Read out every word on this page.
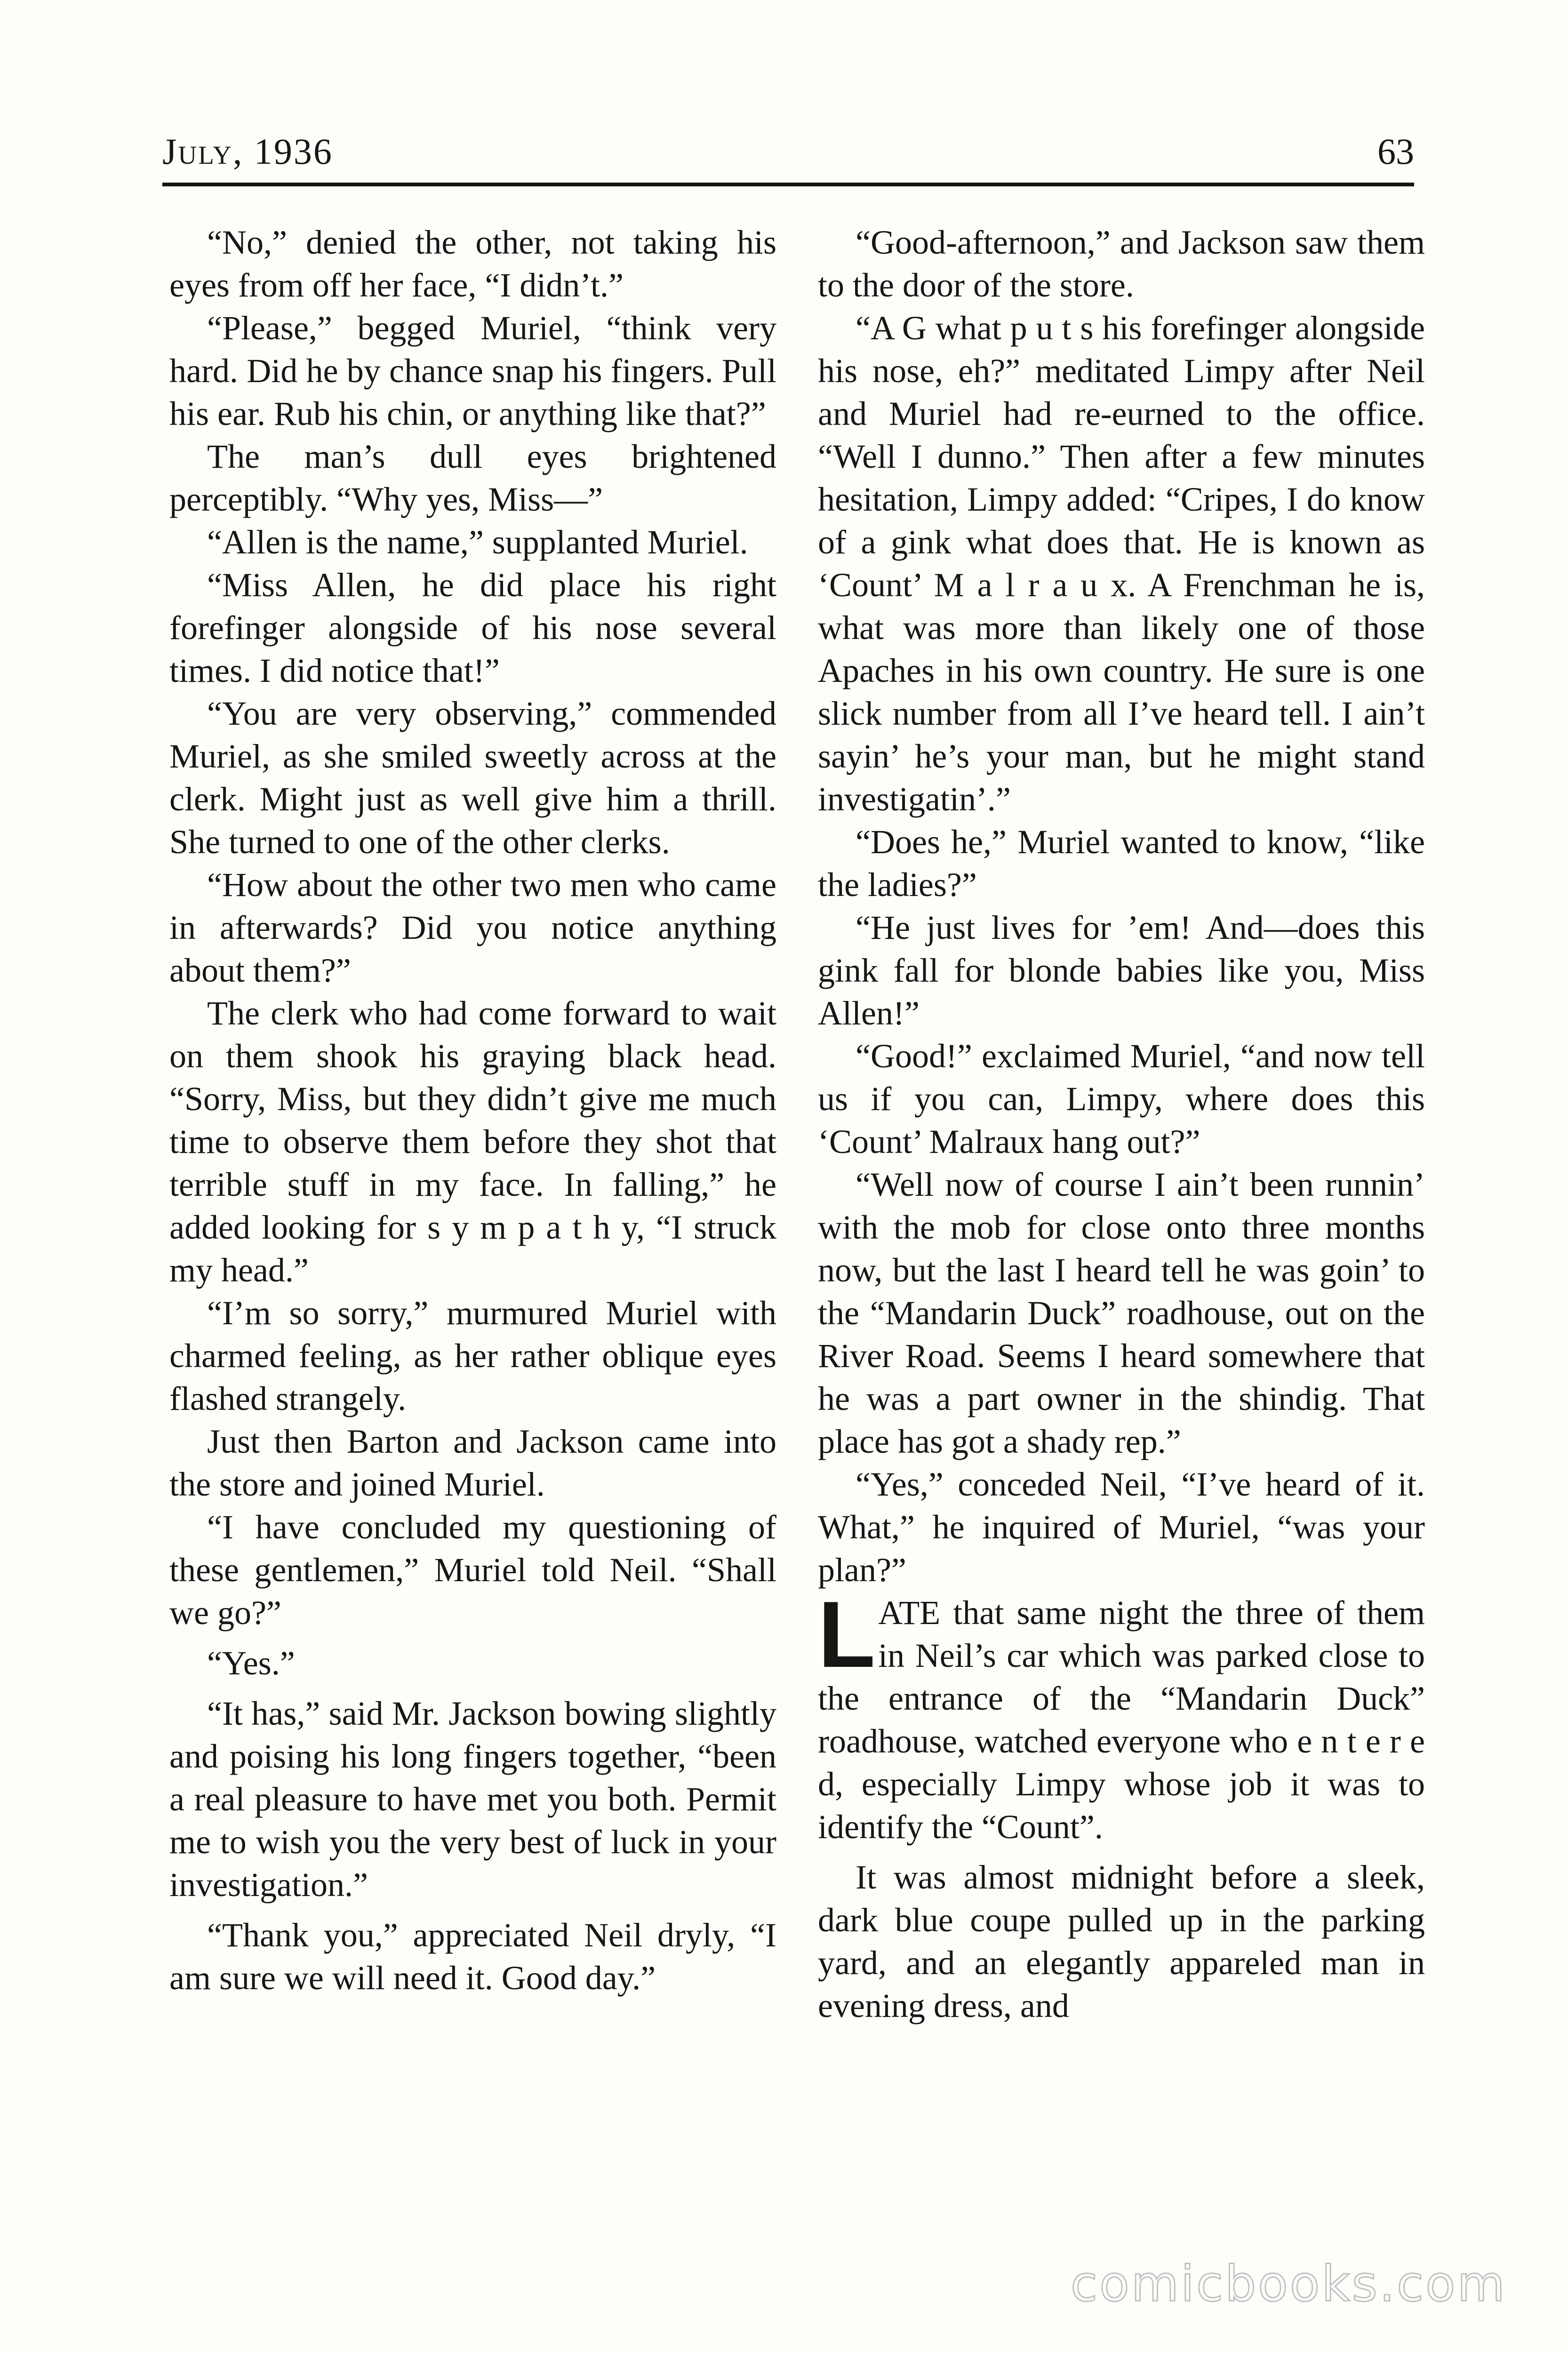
July, 1936	63

“No,” denied the other, not taking his eyes from off her face, “I didn’t.”

“Please,” begged Muriel, “think very hard. Did he by chance snap his fingers. Pull his ear. Rub his chin, or anything like that?”

The man’s dull eyes brightened perceptibly. “Why yes, Miss—”

“Allen is the name,” supplanted Muriel.

“Miss Allen, he did place his right forefinger alongside of his nose several times. I did notice that!”

“You are very observing,” commended Muriel, as she smiled sweetly across at the clerk. Might just as well give him a thrill. She turned to one of the other clerks.

“How about the other two men who came in afterwards? Did you notice anything about them?”

The clerk who had come forward to wait on them shook his graying black head. “Sorry, Miss, but they didn’t give me much time to observe them before they shot that terrible stuff in my face. In falling,” he added looking for s y m p a t h y, “I struck my head.”

“I’m so sorry,” murmured Muriel with charmed feeling, as her rather oblique eyes flashed strangely.

Just then Barton and Jackson came into the store and joined Muriel.

“I have concluded my questioning of these gentlemen,” Muriel told Neil. “Shall we go?”

“Yes.”

“It has,” said Mr. Jackson bowing slightly and poising his long fingers together, “been a real pleasure to have met you both. Permit me to wish you the very best of luck in your investigation.”

“Thank you,” appreciated Neil dryly, “I am sure we will need it. Good day.”

“Good-afternoon,” and Jackson saw them to the door of the store.

“A G what p u t s his forefinger alongside his nose, eh?” meditated Limpy after Neil and Muriel had re-eurned to the office. “Well I dunno.” Then after a few minutes hesitation, Limpy added: “Cripes, I do know of a gink what does that. He is known as ‘Count’ M a l r a u x. A Frenchman he is, what was more than likely one of those Apaches in his own country. He sure is one slick number from all I’ve heard tell. I ain’t sayin’ he’s your man, but he might stand investigatin’.”

“Does he,” Muriel wanted to know, “like the ladies?”

“He just lives for ’em! And—does this gink fall for blonde babies like you, Miss Allen!”

“Good!” exclaimed Muriel, “and now tell us if you can, Limpy, where does this ‘Count’ Malraux hang out?”

“Well now of course I ain’t been runnin’ with the mob for close onto three months now, but the last I heard tell he was goin’ to the “Mandarin Duck” roadhouse, out on the River Road. Seems I heard somewhere that he was a part owner in the shindig. That place has got a shady rep.”

“Yes,” conceded Neil, “I’ve heard of it. What,” he inquired of Muriel, “was your plan?”

LATE that same night the three of them in Neil’s car which was parked close to the entrance of the “Mandarin Duck” roadhouse, watched everyone who e n t e r e d, especially Limpy whose job it was to identify the “Count”.

It was almost midnight before a sleek, dark blue coupe pulled up in the parking yard, and an elegantly appareled man in evening dress, and

comicbooks.com
